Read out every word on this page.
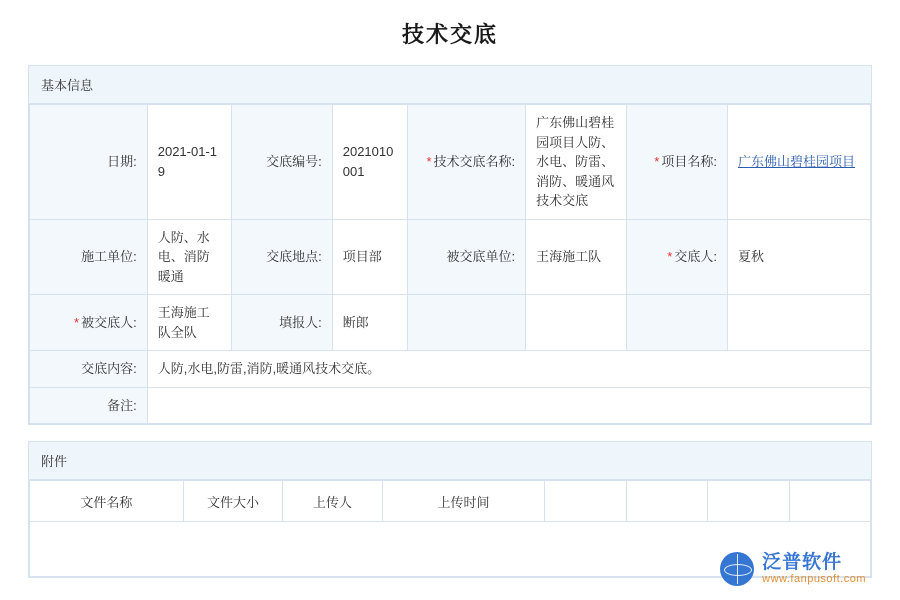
技术交底
基本信息
日期:	2021-01-19	交底编号:	2021010001	* 技术交底名称:	广东佛山碧桂园项目人防、水电、防雷、消防、暖通风技术交底	* 项目名称:	广东佛山碧桂园项目
施工单位:	人防、水电、消防暖通	交底地点:	项目部	被交底单位:	王海施工队	* 交底人:	夏秋
* 被交底人:	王海施工队全队	填报人:	断郎				
交底内容:	人防,水电,防雷,消防,暖通风技术交底。						
备注:							
附件
文件名称	文件大小	上传人	上传时间				

泛普软件
www.fanpusoft.com
